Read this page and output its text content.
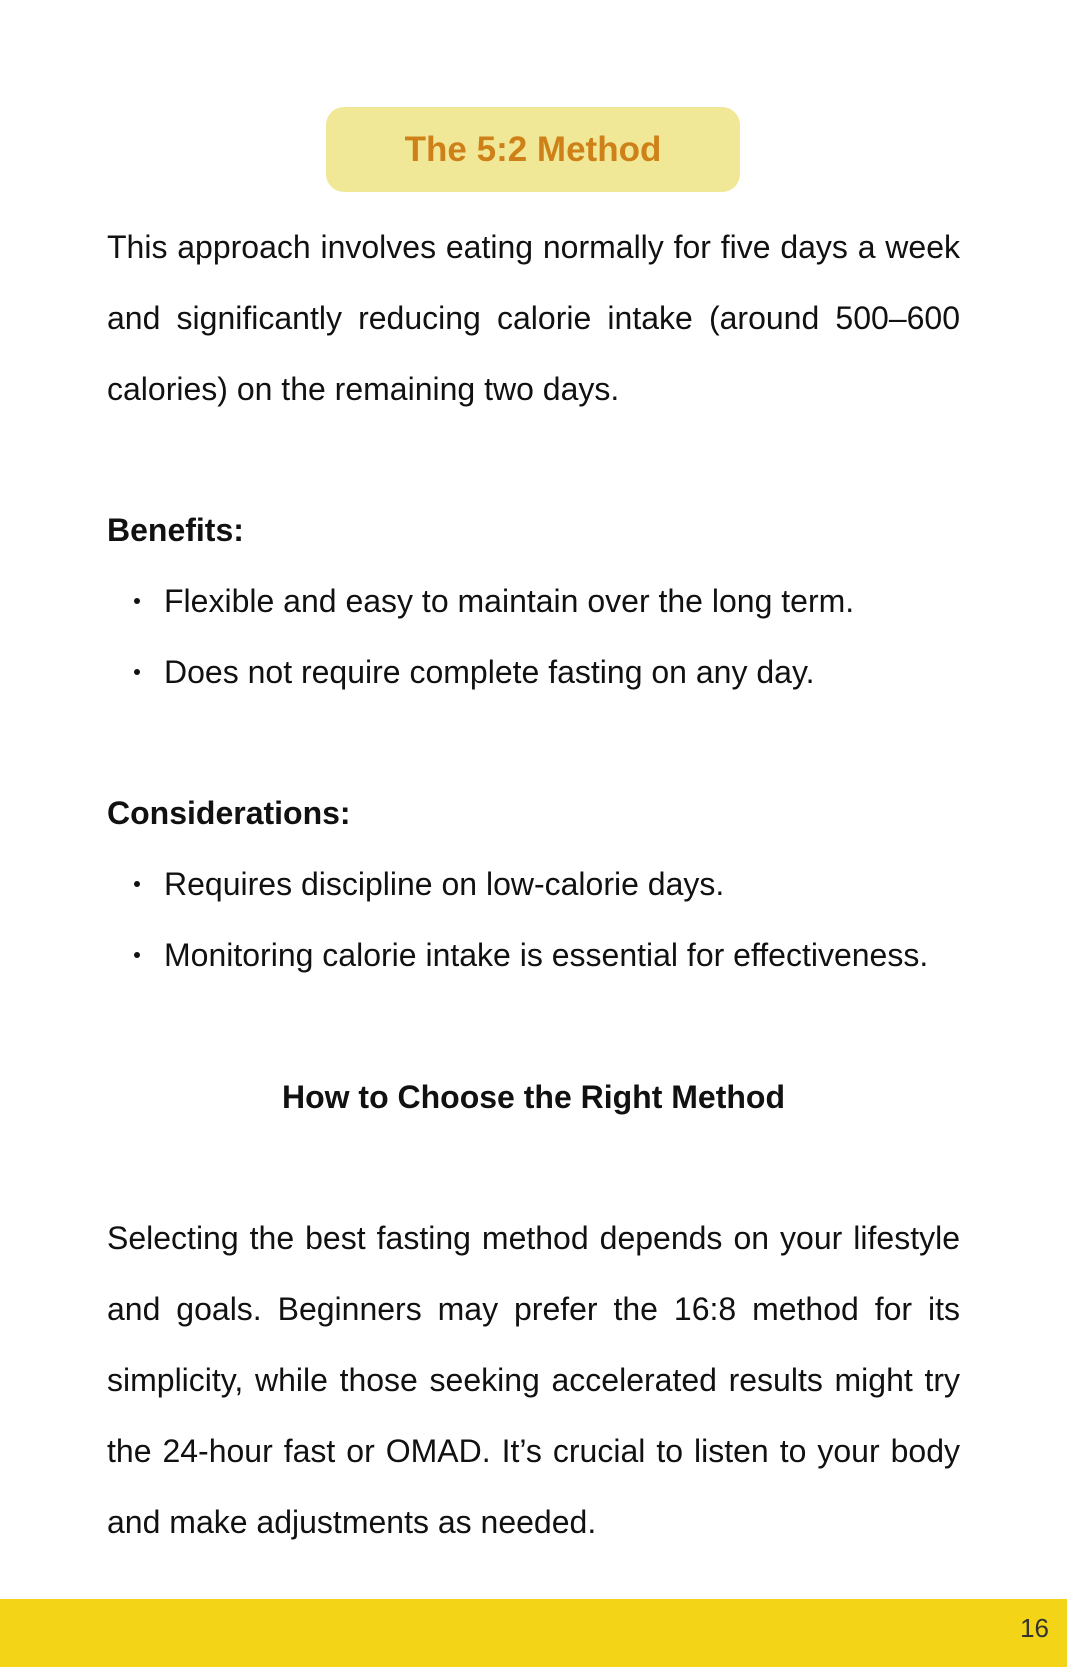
The 5:2 Method

This approach involves eating normally for five days a week and significantly reducing calorie intake (around 500–600 calories) on the remaining two days.

Benefits:

Flexible and easy to maintain over the long term.
Does not require complete fasting on any day.

Considerations:

Requires discipline on low-calorie days.
Monitoring calorie intake is essential for effectiveness.
How to Choose the Right Method

Selecting the best fasting method depends on your lifestyle and goals. Beginners may prefer the 16:8 method for its simplicity, while those seeking accelerated results might try the 24-hour fast or OMAD. It’s crucial to listen to your body and make adjustments as needed.

16
